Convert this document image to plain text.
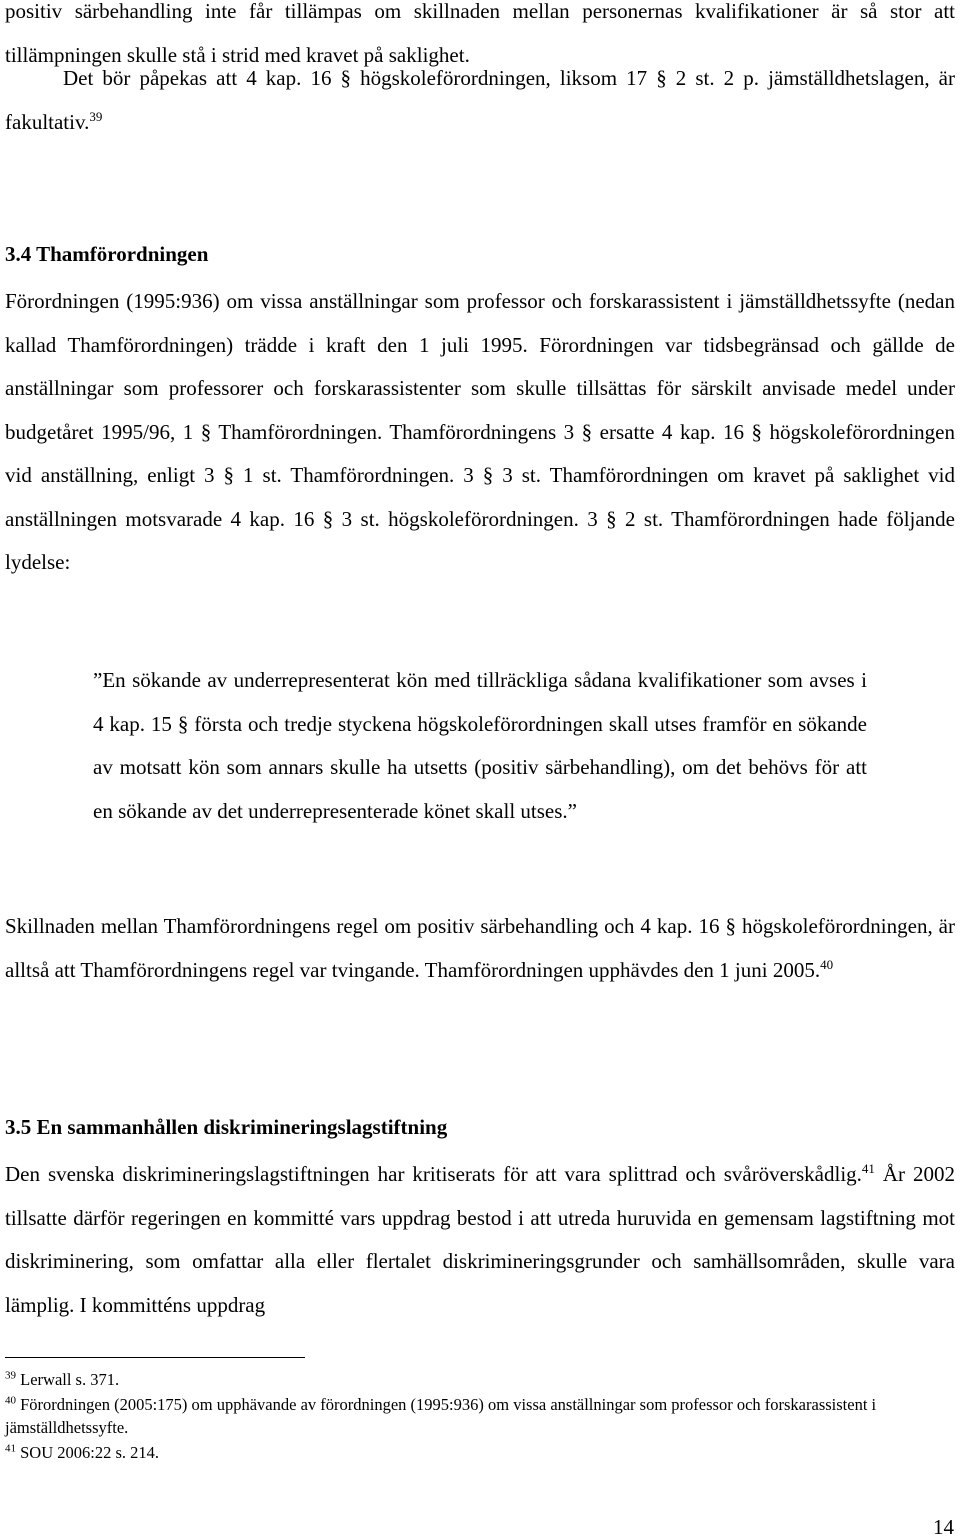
positiv särbehandling inte får tillämpas om skillnaden mellan personernas kvalifikationer är så stor att tillämpningen skulle stå i strid med kravet på saklighet.

Det bör påpekas att 4 kap. 16 § högskoleförordningen, liksom 17 § 2 st. 2 p. jämställdhetslagen, är fakultativ.$^{39}$

3.4 Thamförordningen

Förordningen (1995:936) om vissa anställningar som professor och forskarassistent i jämställdhetssyfte (nedan kallad Thamförordningen) trädde i kraft den 1 juli 1995. Förordningen var tidsbegränsad och gällde de anställningar som professorer och forskarassistenter som skulle tillsättas för särskilt anvisade medel under budgetåret 1995/96, 1 § Thamförordningen. Thamförordningens 3 § ersatte 4 kap. 16 § högskoleförordningen vid anställning, enligt 3 § 1 st. Thamförordningen. 3 § 3 st. Thamförordningen om kravet på saklighet vid anställningen motsvarade 4 kap. 16 § 3 st. högskoleförordningen. 3 § 2 st. Thamförordningen hade följande lydelse:

”En sökande av underrepresenterat kön med tillräckliga sådana kvalifikationer som avses i 4 kap. 15 § första och tredje styckena högskoleförordningen skall utses framför en sökande av motsatt kön som annars skulle ha utsetts (positiv särbehandling), om det behövs för att en sökande av det underrepresenterade könet skall utses.”

Skillnaden mellan Thamförordningens regel om positiv särbehandling och 4 kap. 16 § högskoleförordningen, är alltså att Thamförordningens regel var tvingande. Thamförordningen upphävdes den 1 juni 2005.40

3.5 En sammanhållen diskrimineringslagstiftning

Den svenska diskrimineringslagstiftningen har kritiserats för att vara splittrad och svåröverskådlig.$^{41}$ År 2002 tillsatte därför regeringen en kommitté vars uppdrag bestod i att utreda huruvida en gemensam lagstiftning mot diskriminering, som omfattar alla eller flertalet diskrimineringsgrunder och samhällsområden, skulle vara lämplig. I kommitténs uppdrag

$^{39}$ Lerwall s. 371.

$^{40}$ Förordningen (2005:175) om upphävande av förordningen (1995:936) om vissa anställningar som professor och forskarassistent i jämställdhetssyfte.

$^{41}$ SOU 2006:22 s. 214.

14
